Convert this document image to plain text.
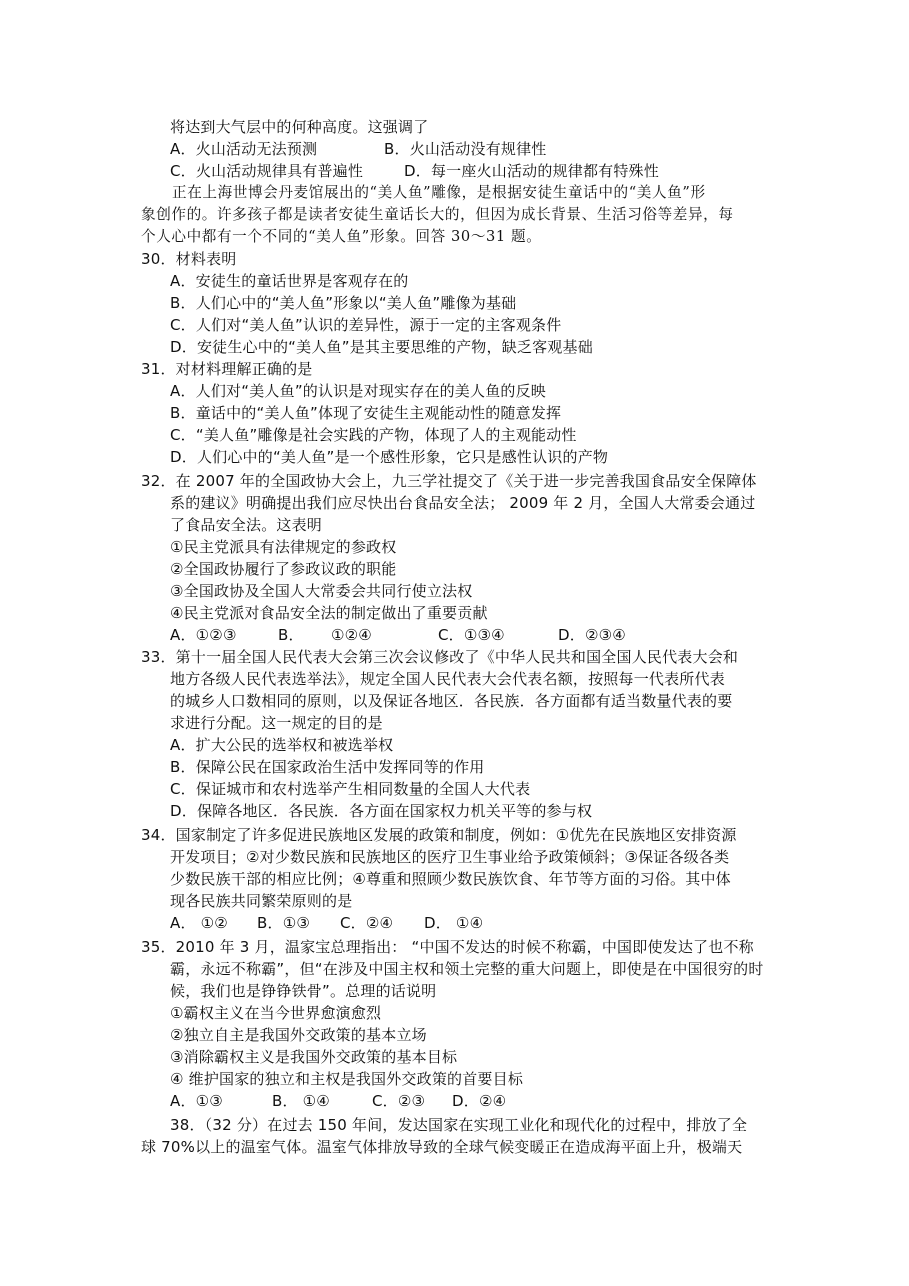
将达到大气层中的何种高度。这强调了
A．火山活动无法预测	B．火山活动没有规律性
C．火山活动规律具有普遍性	D．每一座火山活动的规律都有特殊性
正在上海世博会丹麦馆展出的“美人鱼”雕像，是根据安徒生童话中的“美人鱼”形
象创作的。许多孩子都是读者安徒生童话长大的，但因为成长背景、生活习俗等差异，每
个人心中都有一个不同的“美人鱼”形象。回答 30～31 题。
30．材料表明
A．安徒生的童话世界是客观存在的
B．人们心中的“美人鱼”形象以“美人鱼”雕像为基础
C．人们对“美人鱼”认识的差异性，源于一定的主客观条件
D．安徒生心中的“美人鱼”是其主要思维的产物，缺乏客观基础
31．对材料理解正确的是
A．人们对“美人鱼”的认识是对现实存在的美人鱼的反映
B．童话中的“美人鱼”体现了安徒生主观能动性的随意发挥
C．“美人鱼”雕像是社会实践的产物，体现了人的主观能动性
D．人们心中的“美人鱼”是一个感性形象，它只是感性认识的产物
32．在 2007 年的全国政协大会上，九三学社提交了《关于进一步完善我国食品安全保障体
系的建议》明确提出我们应尽快出台食品安全法； 2009 年 2 月，全国人大常委会通过
了食品安全法。这表明
①民主党派具有法律规定的参政权
②全国政协履行了参政议政的职能
③全国政协及全国人大常委会共同行使立法权
④民主党派对食品安全法的制定做出了重要贡献
A．①②③	B． ①②④	C．①③④	D．②③④
33．第十一届全国人民代表大会第三次会议修改了《中华人民共和国全国人民代表大会和
地方各级人民代表选举法》，规定全国人民代表大会代表名额，按照每一代表所代表
的城乡人口数相同的原则，以及保证各地区．各民族．各方面都有适当数量代表的要
求进行分配。这一规定的目的是
A．扩大公民的选举权和被选举权
B．保障公民在国家政治生活中发挥同等的作用
C．保证城市和农村选举产生相同数量的全国人大代表
D．保障各地区．各民族．各方面在国家权力机关平等的参与权
34．国家制定了许多促进民族地区发展的政策和制度，例如：①优先在民族地区安排资源
开发项目；②对少数民族和民族地区的医疗卫生事业给予政策倾斜；③保证各级各类
少数民族干部的相应比例；④尊重和照顾少数民族饮食、年节等方面的习俗。其中体
现各民族共同繁荣原则的是
A． ①② B．①③ C．②④ D． ①④
35．2010 年 3 月，温家宝总理指出： “中国不发达的时候不称霸，中国即使发达了也不称
霸，永远不称霸”，但“在涉及中国主权和领土完整的重大问题上，即使是在中国很穷的时
候，我们也是铮铮铁骨”。总理的话说明
①霸权主义在当今世界愈演愈烈
②独立自主是我国外交政策的基本立场
③消除霸权主义是我国外交政策的基本目标
④ 维护国家的独立和主权是我国外交政策的首要目标
A．①③	B． ①④	C．②③ D．②④
38．（32 分）在过去 150 年间，发达国家在实现工业化和现代化的过程中，排放了全
球 70%以上的温室气体。温室气体排放导致的全球气候变暖正在造成海平面上升，极端天
